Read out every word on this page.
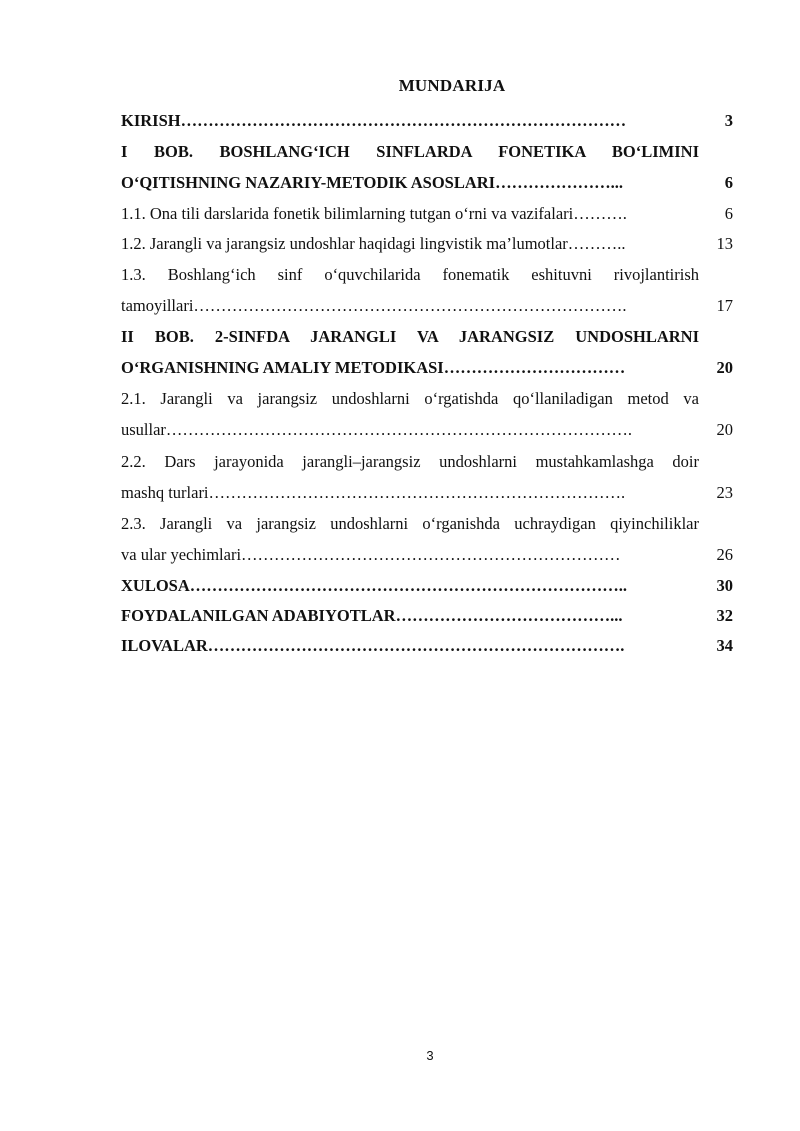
MUNDARIJA
KIRISH………………………………………………………………………	3
I BOB. BOSHLANG‘ICH SINFLARDA FONETIKA BO‘LIMINI
O‘QITISHNING NAZARIY-METODIK ASOSLARI…………………...	6
1.1. Ona tili darslarida fonetik bilimlarning tutgan o‘rni va vazifalari……….	6
1.2. Jarangli va jarangsiz undoshlar haqidagi lingvistik ma’lumotlar………..	13
1.3. Boshlang‘ich sinf o‘quvchilarida fonematik eshituvni rivojlantirish
tamoyillari…………………………………………………………………….	17
II BOB. 2-SINFDA JARANGLI VA JARANGSIZ UNDOSHLARNI
O‘RGANISHNING AMALIY METODIKASI……………………………	20
2.1. Jarangli va jarangsiz undoshlarni o‘rgatishda qo‘llaniladigan metod va
usullar………………………………………………………………………….	20
2.2. Dars jarayonida jarangli–jarangsiz undoshlarni mustahkamlashga doir
mashq turlari………………………………………………………………….	23
2.3. Jarangli va jarangsiz undoshlarni o‘rganishda uchraydigan qiyinchiliklar
va ular yechimlari……………………………………………………………	26
XULOSA……………………………………………………………………..	30
FOYDALANILGAN ADABIYOTLAR…………………………………...	32
ILOVALAR………………………………………………………………….	34
3
